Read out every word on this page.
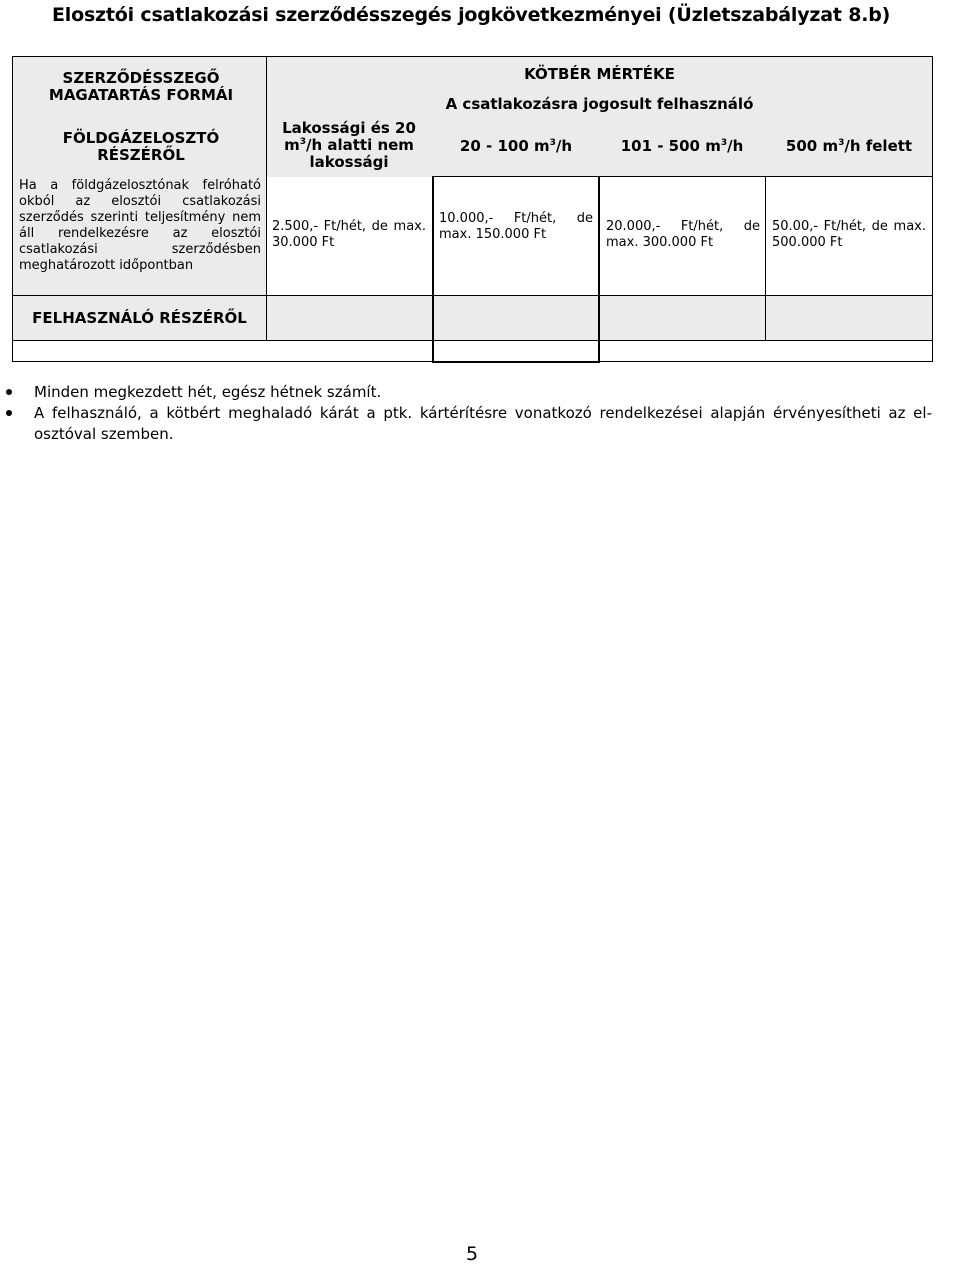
Elosztói csatlakozási szerződésszegés jogkövetkezményei (Üzletszabályzat 8.b)
SZERZŐDÉSSZEGŐ MAGATARTÁS FORMÁI
FÖLDGÁZELOSZTÓ RÉSZÉRŐL
Ha a földgázelosztónak felróható okból az elosztói csatlakozási szerződés szerinti teljesítmény nem áll rendelkezésre az elosztói csatlakozási szerződésben meghatározott időpontban
KÖTBÉR MÉRTÉKE
A csatlakozásra jogosult felhasználó
Lakossági és 20 $m^3/h$ alatti nem lakossági
20 - 100 $m^3/h$	101 - 500 $m^3/h$	500 $m^3/h$ felett
2.500,- Ft/hét, de max. 30.000 Ft
10.000,- Ft/hét, de max. 150.000 Ft
20.000,- Ft/hét, de max. 300.000 Ft
50.00,- Ft/hét, de max. 500.000 Ft
FELHASZNÁLÓ RÉSZÉRŐL
Minden megkezdett hét, egész hétnek számít.
A felhasználó, a kötbért meghaladó kárát a ptk. kártérítésre vonatkozó rendelkezései alapján érvényesítheti az el-
osztóval szemben.
5
